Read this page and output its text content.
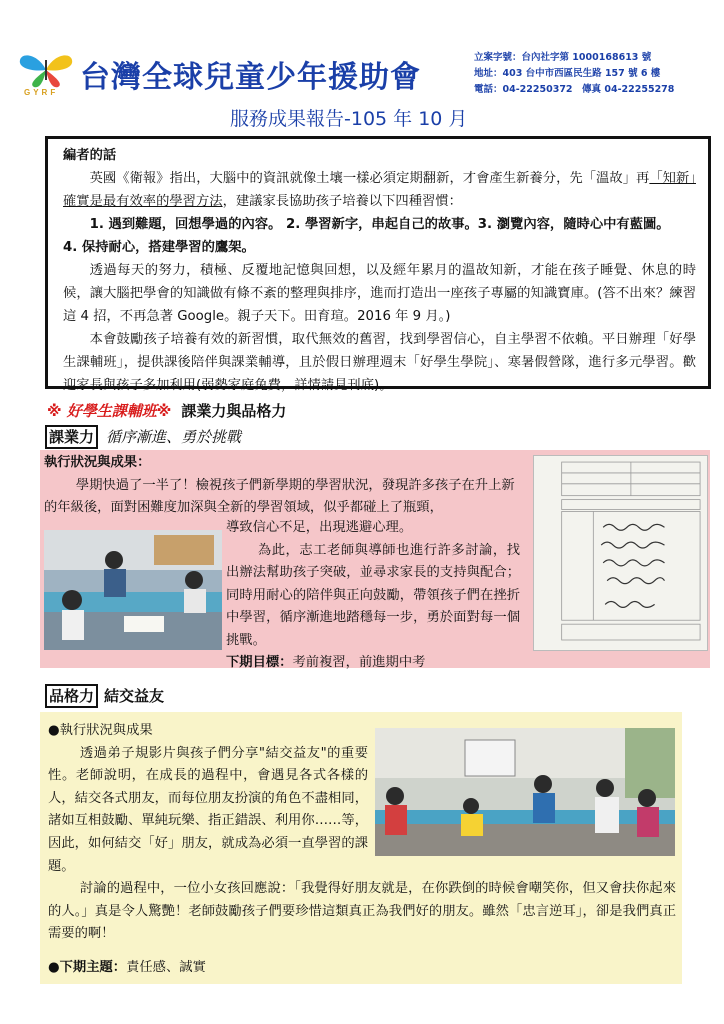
GYRF 台灣全球兒童少年援助會
立案字號：台內社字第 1000168613 號
地址：403 台中市西區民生路 157 號 6 樓
電話：04-22250372　傳真 04-22255278
服務成果報告-105 年 10 月
編者的話

英國《衛報》指出，大腦中的資訊就像土壤一樣必須定期翻新，才會產生新養分，先「溫故」再「知新」確實是最有效率的學習方法，建議家長協助孩子培養以下四種習慣：

1. 遇到難題，回想學過的內容。 2. 學習新字，串起自己的故事。3. 瀏覽內容，隨時心中有藍圖。

4. 保持耐心，搭建學習的鷹架。

透過每天的努力，積極、反覆地記憶與回想，以及經年累月的溫故知新，才能在孩子睡覺、休息的時候，讓大腦把學會的知識做有條不紊的整理與排序，進而打造出一座孩子專屬的知識寶庫。(答不出來？練習這 4 招，不再急著 Google。親子天下。田育瑄。2016 年 9 月。)

本會鼓勵孩子培養有效的新習慣，取代無效的舊習，找到學習信心，自主學習不依賴。平日辦理「好學生課輔班」，提供課後陪伴與課業輔導，且於假日辦理週末「好學生學院」、寒暑假營隊，進行多元學習。歡迎家長與孩子多加利用(弱勢家庭免費，詳情請見刊底)。

※ 好學生課輔班※ 課業力與品格力
課業力 循序漸進、勇於挑戰
執行狀況與成果：

學期快過了一半了！檢視孩子們新學期的學習狀況，發現許多孩子在升上新的年級後，面對困難度加深與全新的學習領域，似乎都碰上了瓶頸，

導致信心不足，出現逃避心理。

為此，志工老師與導師也進行許多討論，找出辦法幫助孩子突破，並尋求家長的支持與配合；同時用耐心的陪伴與正向鼓勵，帶領孩子們在挫折中學習，循序漸進地踏穩每一步，勇於面對每一個挑戰。

下期目標：考前複習，前進期中考
品格力 結交益友

●執行狀況與成果

透過弟子規影片與孩子們分享"結交益友"的重要性。老師說明，在成長的過程中，會遇見各式各樣的人，結交各式朋友，而每位朋友扮演的角色不盡相同，諸如互相鼓勵、單純玩樂、指正錯誤、利用你……等，因此，如何結交「好」朋友，就成為必須一直學習的課題。

討論的過程中，一位小女孩回應說：「我覺得好朋友就是，在你跌倒的時候會嘲笑你，但又會扶你起來的人。」真是令人驚艷！老師鼓勵孩子們要珍惜這類真正為我們好的朋友。雖然「忠言逆耳」，卻是我們真正需要的啊！

●下期主題：責任感、誠實
